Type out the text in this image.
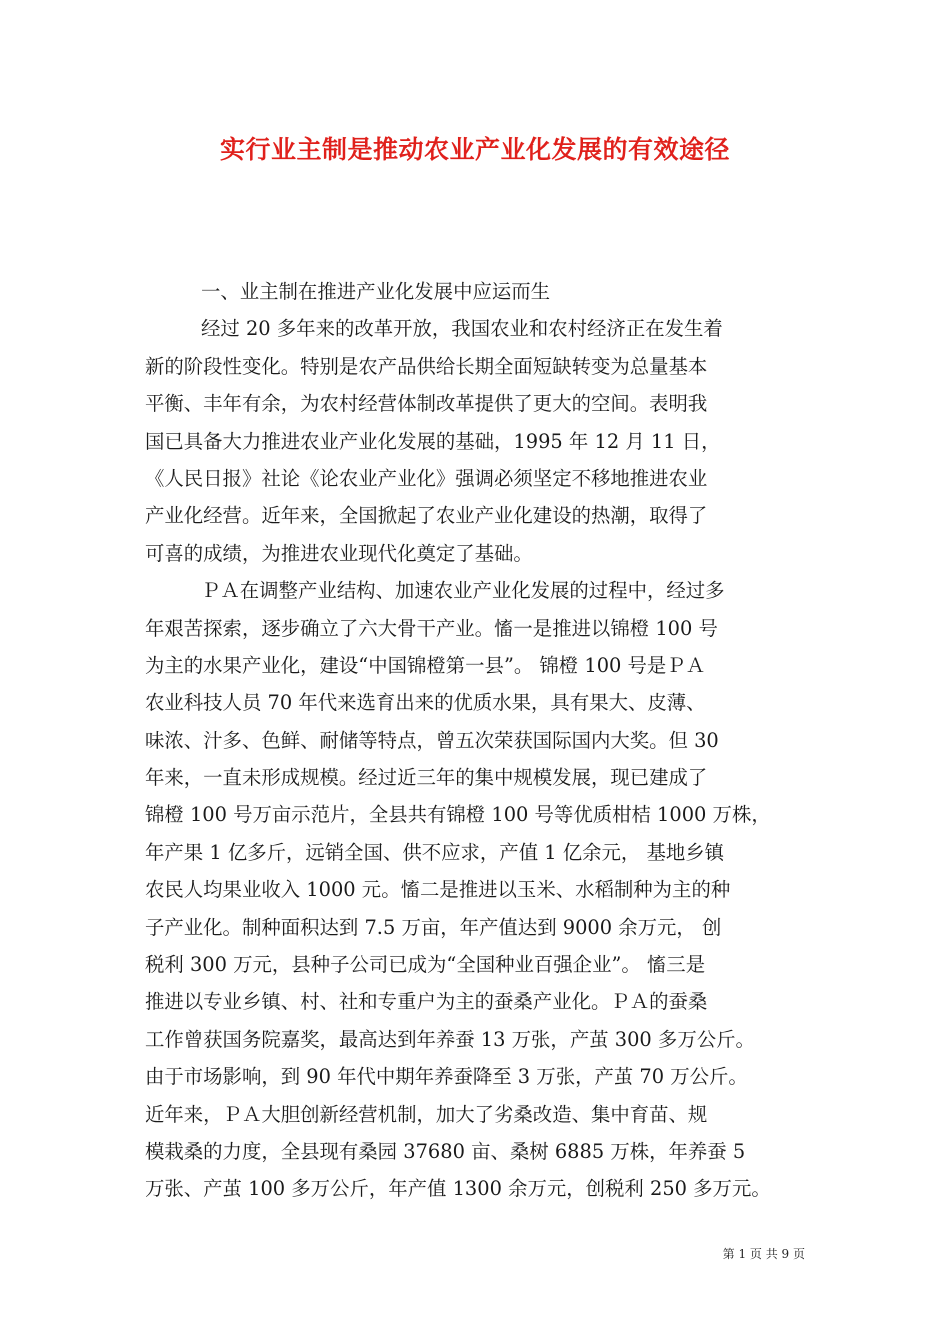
实行业主制是推动农业产业化发展的有效途径
一、业主制在推进产业化发展中应运而生
经过 20 多年来的改革开放，我国农业和农村经济正在发生着
新的阶段性变化。特别是农产品供给长期全面短缺转变为总量基本
平衡、丰年有余，为农村经营体制改革提供了更大的空间。表明我
国已具备大力推进农业产业化发展的基础，1995 年 12 月 11 日，
《人民日报》社论《论农业产业化》强调必须坚定不移地推进农业
产业化经营。近年来，全国掀起了农业产业化建设的热潮，取得了
可喜的成绩，为推进农业现代化奠定了基础。
ＰＡ在调整产业结构、加速农业产业化发展的过程中，经过多
年艰苦探索，逐步确立了六大骨干产业。慉一是推进以锦橙 100 号
为主的水果产业化，建设“中国锦橙第一县”。 锦橙 100 号是ＰＡ
农业科技人员 70 年代来选育出来的优质水果，具有果大、皮薄、
味浓、汁多、色鲜、耐储等特点，曾五次荣获国际国内大奖。但 30
年来，一直未形成规模。经过近三年的集中规模发展，现已建成了
锦橙 100 号万亩示范片，全县共有锦橙 100 号等优质柑桔 1000 万株，
年产果 1 亿多斤，远销全国、供不应求，产值 1 亿余元， 基地乡镇
农民人均果业收入 1000 元。慉二是推进以玉米、水稻制种为主的种
子产业化。制种面积达到 7.5 万亩，年产值达到 9000 余万元， 创
税利 300 万元，县种子公司已成为“全国种业百强企业”。 慉三是
推进以专业乡镇、村、社和专重户为主的蚕桑产业化。ＰＡ的蚕桑
工作曾获国务院嘉奖，最高达到年养蚕 13 万张，产茧 300 多万公斤。
由于市场影响，到 90 年代中期年养蚕降至 3 万张，产茧 70 万公斤。
近年来，ＰＡ大胆创新经营机制，加大了劣桑改造、集中育苗、规
模栽桑的力度，全县现有桑园 37680 亩、桑树 6885 万株，年养蚕 5
万张、产茧 100 多万公斤，年产值 1300 余万元，创税利 250 多万元。
第 1 页 共 9 页
